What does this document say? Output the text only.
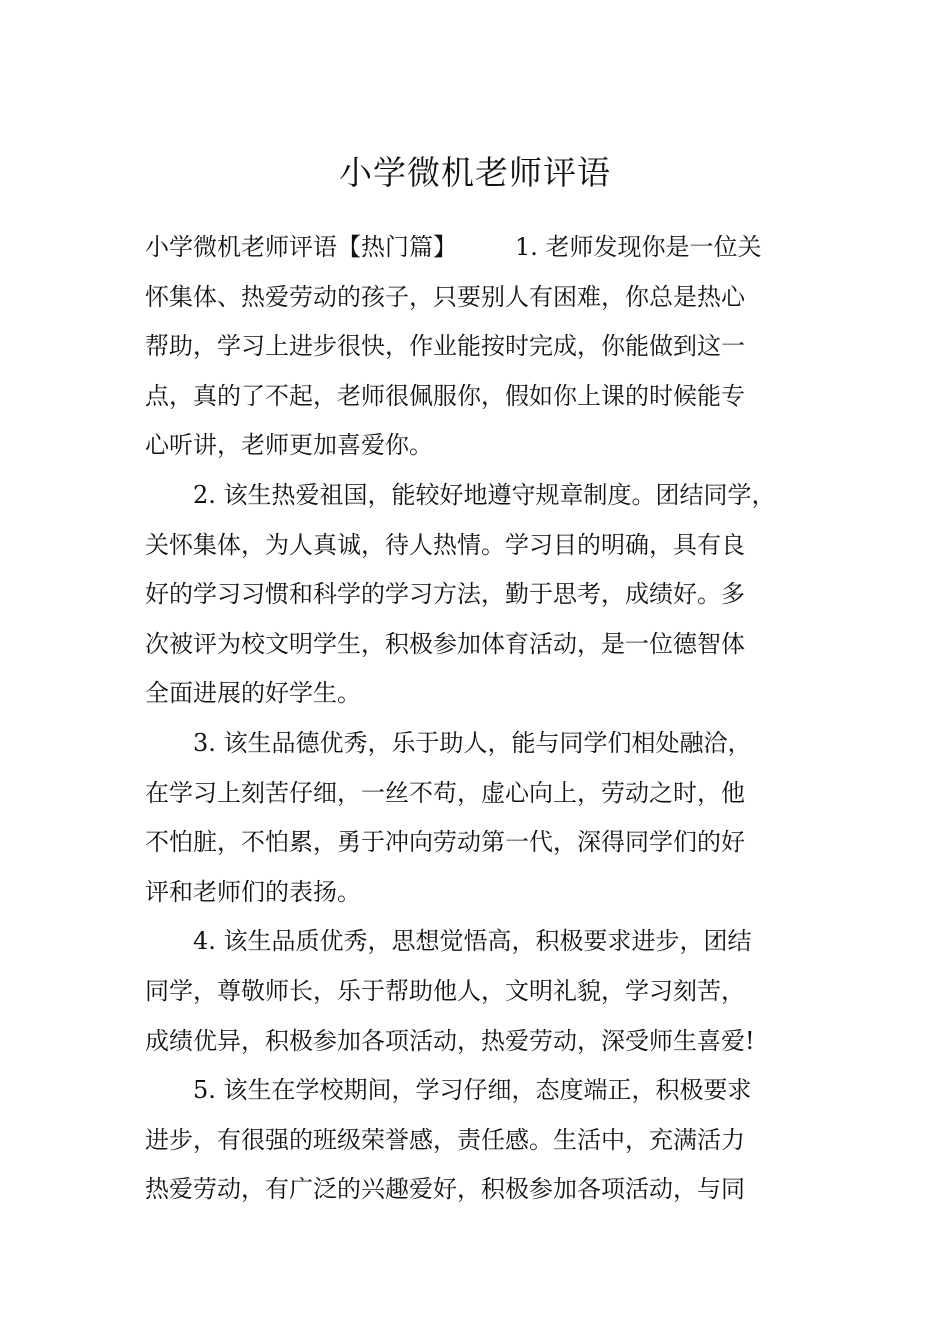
小学微机老师评语
小学微机老师评语【热门篇】 1. 老师发现你是一位关
怀集体、热爱劳动的孩子，只要别人有困难，你总是热心
帮助，学习上进步很快，作业能按时完成，你能做到这一
点，真的了不起，老师很佩服你，假如你上课的时候能专
心听讲，老师更加喜爱你。
2. 该生热爱祖国，能较好地遵守规章制度。团结同学，
关怀集体，为人真诚，待人热情。学习目的明确，具有良
好的学习习惯和科学的学习方法，勤于思考，成绩好。多
次被评为校文明学生，积极参加体育活动，是一位德智体
全面进展的好学生。
3. 该生品德优秀，乐于助人，能与同学们相处融洽，
在学习上刻苦仔细，一丝不苟，虚心向上，劳动之时，他
不怕脏，不怕累，勇于冲向劳动第一代，深得同学们的好
评和老师们的表扬。
4. 该生品质优秀，思想觉悟高，积极要求进步，团结
同学，尊敬师长，乐于帮助他人，文明礼貌，学习刻苦，
成绩优异，积极参加各项活动，热爱劳动，深受师生喜爱!
5. 该生在学校期间，学习仔细，态度端正，积极要求
进步，有很强的班级荣誉感，责任感。生活中，充满活力
热爱劳动，有广泛的兴趣爱好，积极参加各项活动，与同
